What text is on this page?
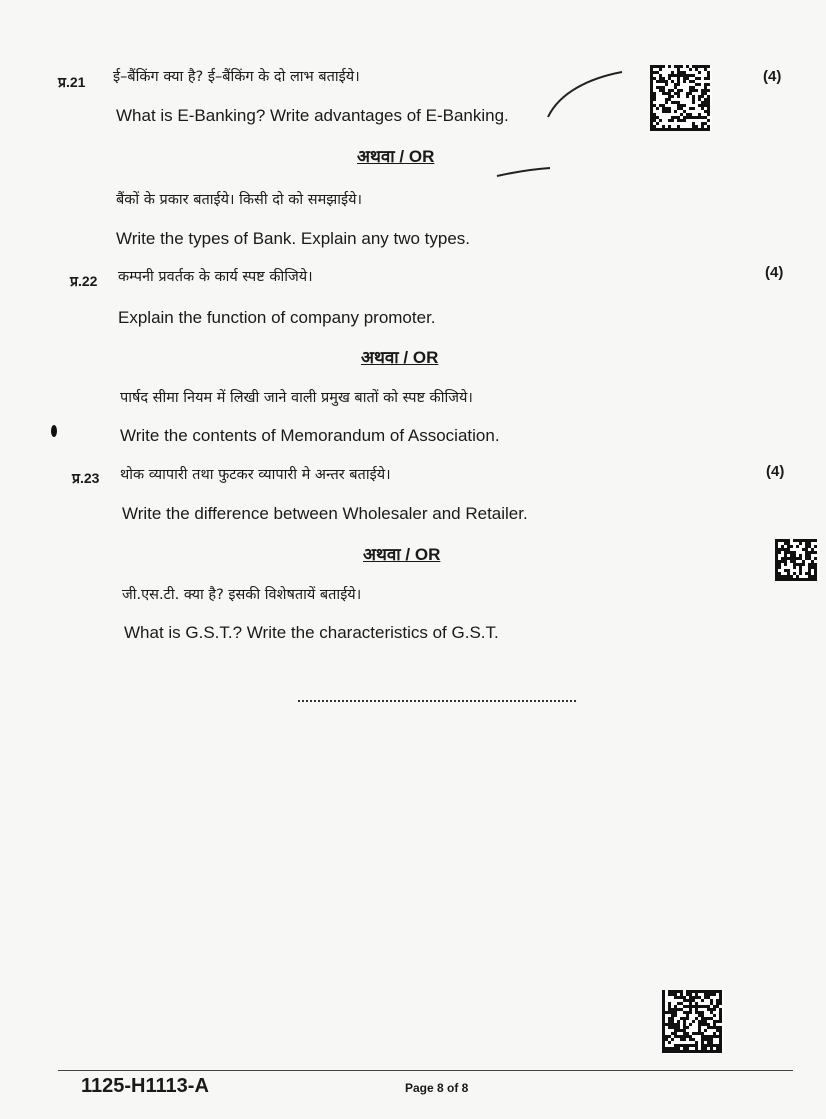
प्र.21 ई–बैंकिंग क्या है? ई–बैंकिंग के दो लाभ बताईये।
What is E-Banking? Write advantages of E-Banking.
(4)
अथवा / OR
बैंकों के प्रकार बताईये। किसी दो को समझाईये।
Write the types of Bank. Explain any two types.
प्र.22 कम्पनी प्रवर्तक के कार्य स्पष्ट कीजिये।	(4)
Explain the function of company promoter.
अथवा / OR
पार्षद सीमा नियम में लिखी जाने वाली प्रमुख बातों को स्पष्ट कीजिये।
Write the contents of Memorandum of Association.
प्र.23 थोक व्यापारी तथा फुटकर व्यापारी मे अन्तर बताईये।	(4)
Write the difference between Wholesaler and Retailer.
अथवा / OR
जी.एस.टी. क्या है? इसकी विशेषतायें बताईये।
What is G.S.T.? Write the characteristics of G.S.T.
1125-H1113-A	Page 8 of 8
